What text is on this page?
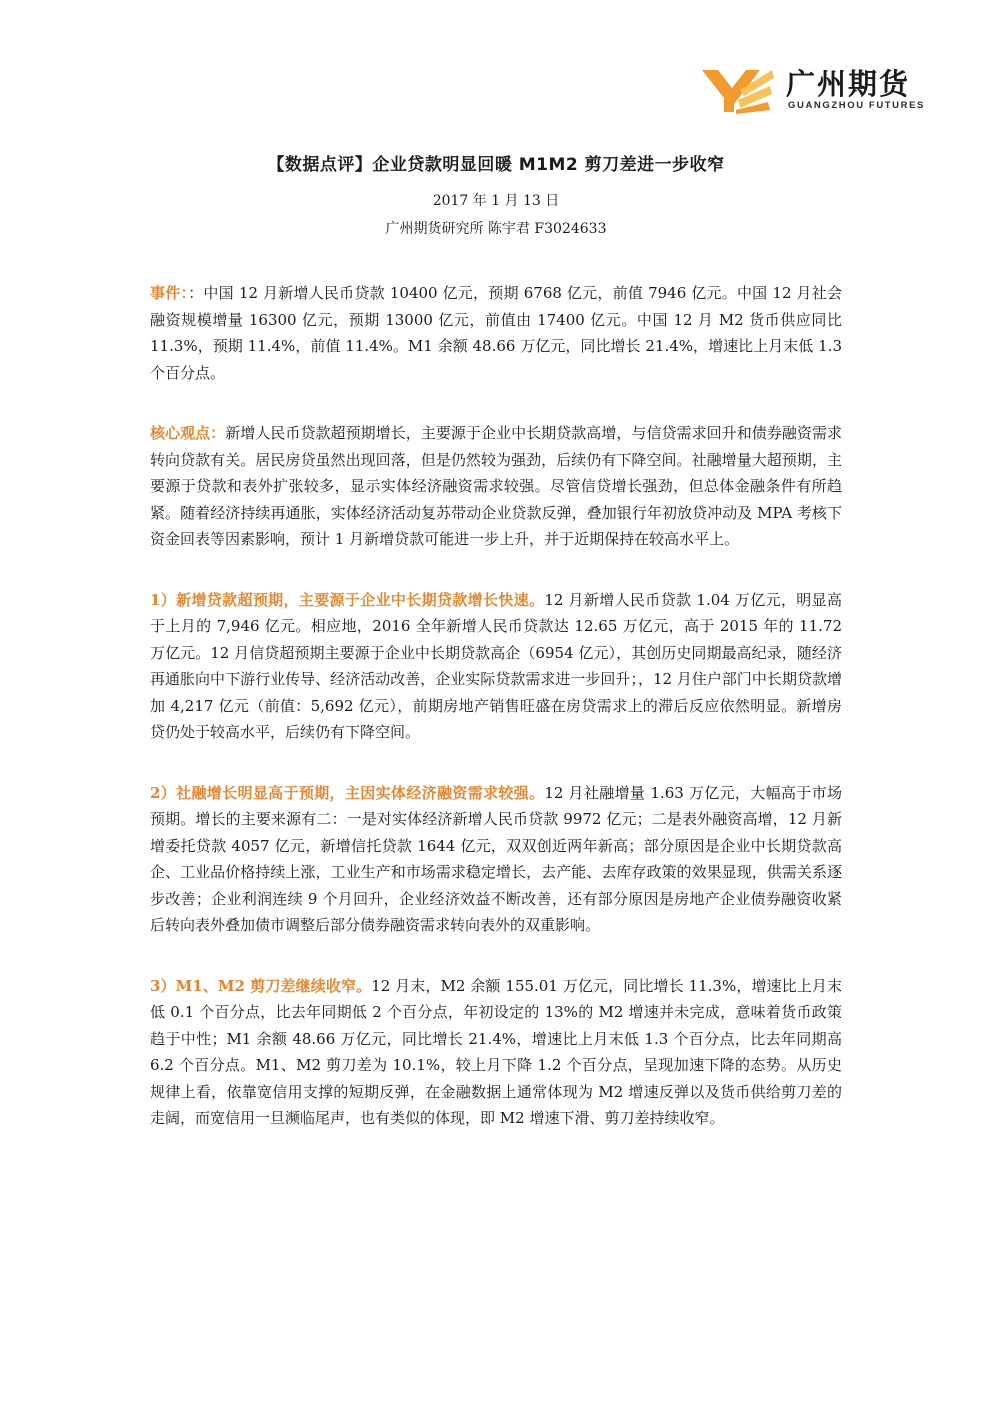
广州期货
GUANGZHOU FUTURES
【数据点评】企业贷款明显回暖 M1M2 剪刀差进一步收窄
2017 年 1 月 13 日
广州期货研究所 陈宇君 F3024633

事件：：中国 12 月新增人民币贷款 10400 亿元，预期 6768 亿元，前值 7946 亿元。中国 12 月社会融资规模增量 16300 亿元，预期 13000 亿元，前值由 17400 亿元。中国 12 月 M2 货币供应同比 11.3%，预期 11.4%，前值 11.4%。M1 余额 48.66 万亿元，同比增长 21.4%，增速比上月末低 1.3 个百分点。

核心观点：新增人民币贷款超预期增长，主要源于企业中长期贷款高增，与信贷需求回升和债券融资需求转向贷款有关。居民房贷虽然出现回落，但是仍然较为强劲，后续仍有下降空间。社融增量大超预期，主要源于贷款和表外扩张较多，显示实体经济融资需求较强。尽管信贷增长强劲，但总体金融条件有所趋紧。随着经济持续再通胀，实体经济活动复苏带动企业贷款反弹，叠加银行年初放贷冲动及 MPA 考核下资金回表等因素影响，预计 1 月新增贷款可能进一步上升，并于近期保持在较高水平上。

1）新增贷款超预期，主要源于企业中长期贷款增长快速。12 月新增人民币贷款 1.04 万亿元，明显高于上月的 7,946 亿元。相应地，2016 全年新增人民币贷款达 12.65 万亿元，高于 2015 年的 11.72 万亿元。12 月信贷超预期主要源于企业中长期贷款高企（6954 亿元），其创历史同期最高纪录，随经济再通胀向中下游行业传导、经济活动改善，企业实际贷款需求进一步回升；，12 月住户部门中长期贷款增加 4,217 亿元（前值：5,692 亿元），前期房地产销售旺盛在房贷需求上的滞后反应依然明显。新增房贷仍处于较高水平，后续仍有下降空间。

2）社融增长明显高于预期，主因实体经济融资需求较强。12 月社融增量 1.63 万亿元，大幅高于市场预期。增长的主要来源有二：一是对实体经济新增人民币贷款 9972 亿元；二是表外融资高增，12 月新增委托贷款 4057 亿元，新增信托贷款 1644 亿元，双双创近两年新高；部分原因是企业中长期贷款高企、工业品价格持续上涨，工业生产和市场需求稳定增长，去产能、去库存政策的效果显现，供需关系逐步改善；企业利润连续 9 个月回升，企业经济效益不断改善，还有部分原因是房地产企业债券融资收紧后转向表外叠加债市调整后部分债券融资需求转向表外的双重影响。

3）M1、M2 剪刀差继续收窄。12 月末，M2 余额 155.01 万亿元，同比增长 11.3%，增速比上月末低 0.1 个百分点，比去年同期低 2 个百分点，年初设定的 13%的 M2 增速并未完成，意味着货币政策趋于中性；M1 余额 48.66 万亿元，同比增长 21.4%，增速比上月末低 1.3 个百分点，比去年同期高 6.2 个百分点。M1、M2 剪刀差为 10.1%，较上月下降 1.2 个百分点，呈现加速下降的态势。从历史规律上看，依靠宽信用支撑的短期反弹，在金融数据上通常体现为 M2 增速反弹以及货币供给剪刀差的走阔，而宽信用一旦濒临尾声，也有类似的体现，即 M2 增速下滑、剪刀差持续收窄。
